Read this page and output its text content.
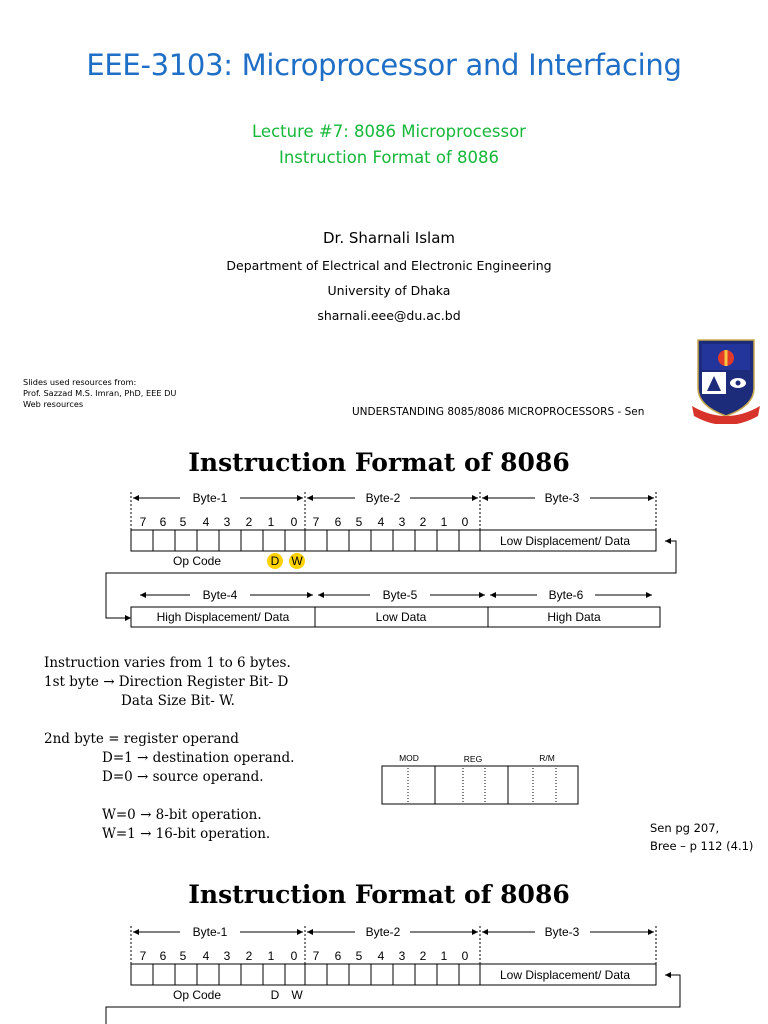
EEE-3103: Microprocessor and Interfacing
Lecture #7: 8086 Microprocessor
Instruction Format of 8086
Dr. Sharnali Islam
Department of Electrical and Electronic Engineering
University of Dhaka
sharnali.eee@du.ac.bd
Slides used resources from:
Prof. Sazzad M.S. Imran, PhD, EEE DU
Web resources
UNDERSTANDING 8085/8086 MICROPROCESSORS - Sen
Instruction Format of 8086
Byte-1	Byte-2	Byte-3
Byte-4	Byte-5	Byte-6
7 6 5 4 3 2 1 0 7 6 5 4 3 2 1 0
Op Code	D W
Low Displacement/ Data
High Displacement/ Data	Low Data	High Data
Instruction varies from 1 to 6 bytes.
1st byte → Direction Register Bit- D
Data Size Bit- W.
2nd byte = register operand
D=1 → destination operand.
D=0 → source operand.
W=0 → 8-bit operation.
W=1 → 16-bit operation.
MOD	REG	R/M
Sen pg 207,
Bree – p 112 (4.1)
Instruction Format of 8086
Byte-1	Byte-2	Byte-3
7 6 5 4 3 2 1 0 7 6 5 4 3 2 1 0
Op Code	D W
Low Displacement/ Data
